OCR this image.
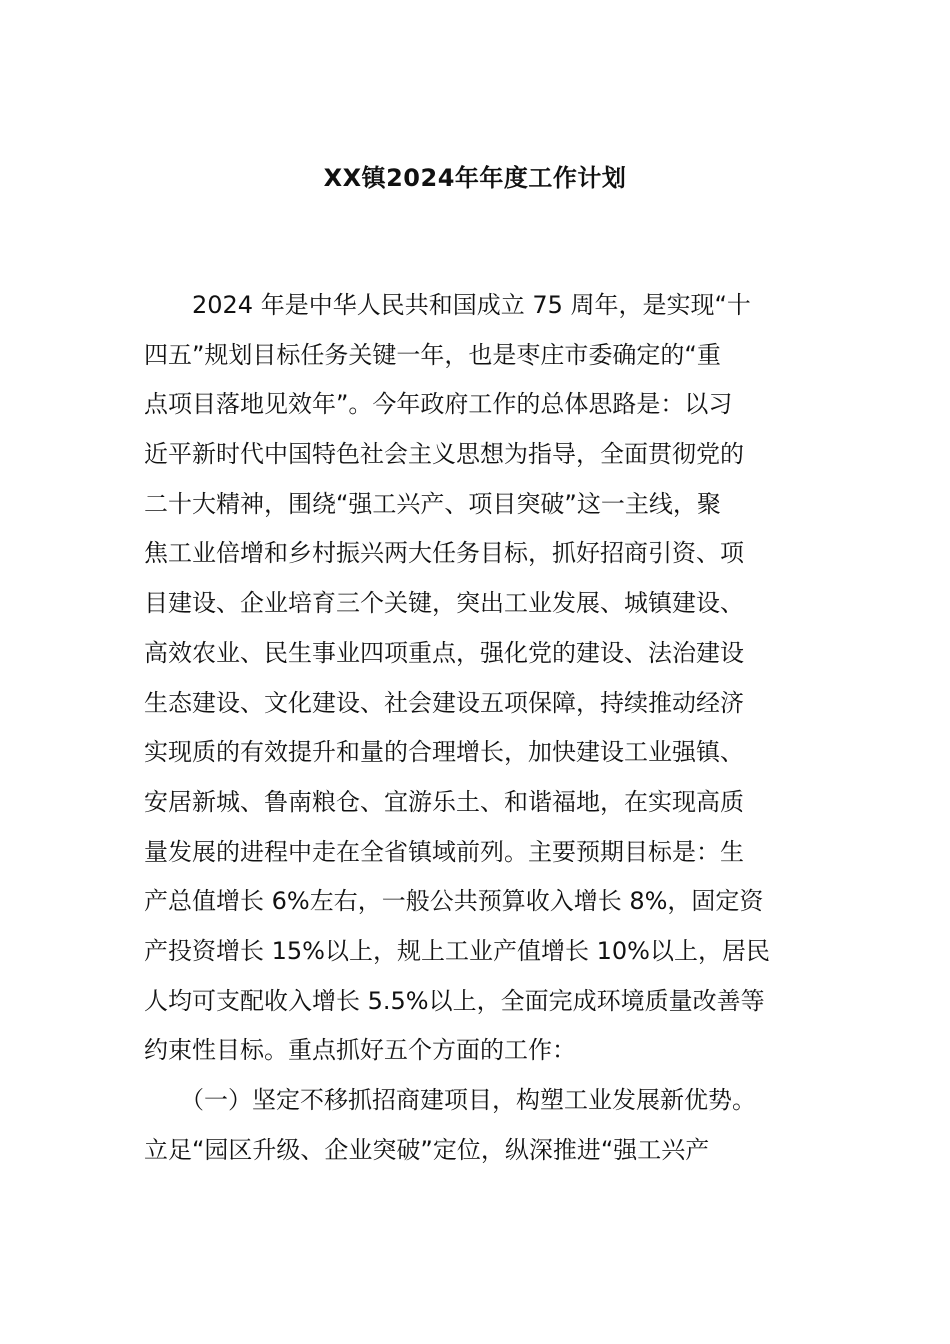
XX镇2024年年度工作计划
　　2024 年是中华人民共和国成立 75 周年，是实现“十
四五”规划目标任务关键一年，也是枣庄市委确定的“重
点项目落地见效年”。今年政府工作的总体思路是：以习
近平新时代中国特色社会主义思想为指导，全面贯彻党的
二十大精神，围绕“强工兴产、项目突破”这一主线，聚
焦工业倍增和乡村振兴两大任务目标，抓好招商引资、项
目建设、企业培育三个关键，突出工业发展、城镇建设、
高效农业、民生事业四项重点，强化党的建设、法治建设
生态建设、文化建设、社会建设五项保障，持续推动经济
实现质的有效提升和量的合理增长，加快建设工业强镇、
安居新城、鲁南粮仓、宜游乐土、和谐福地，在实现高质
量发展的进程中走在全省镇域前列。主要预期目标是：生
产总值增长 6%左右，一般公共预算收入增长 8%，固定资
产投资增长 15%以上，规上工业产值增长 10%以上，居民
人均可支配收入增长 5.5%以上，全面完成环境质量改善等
约束性目标。重点抓好五个方面的工作：
　　（一）坚定不移抓招商建项目，构塑工业发展新优势。
立足“园区升级、企业突破”定位，纵深推进“强工兴产
